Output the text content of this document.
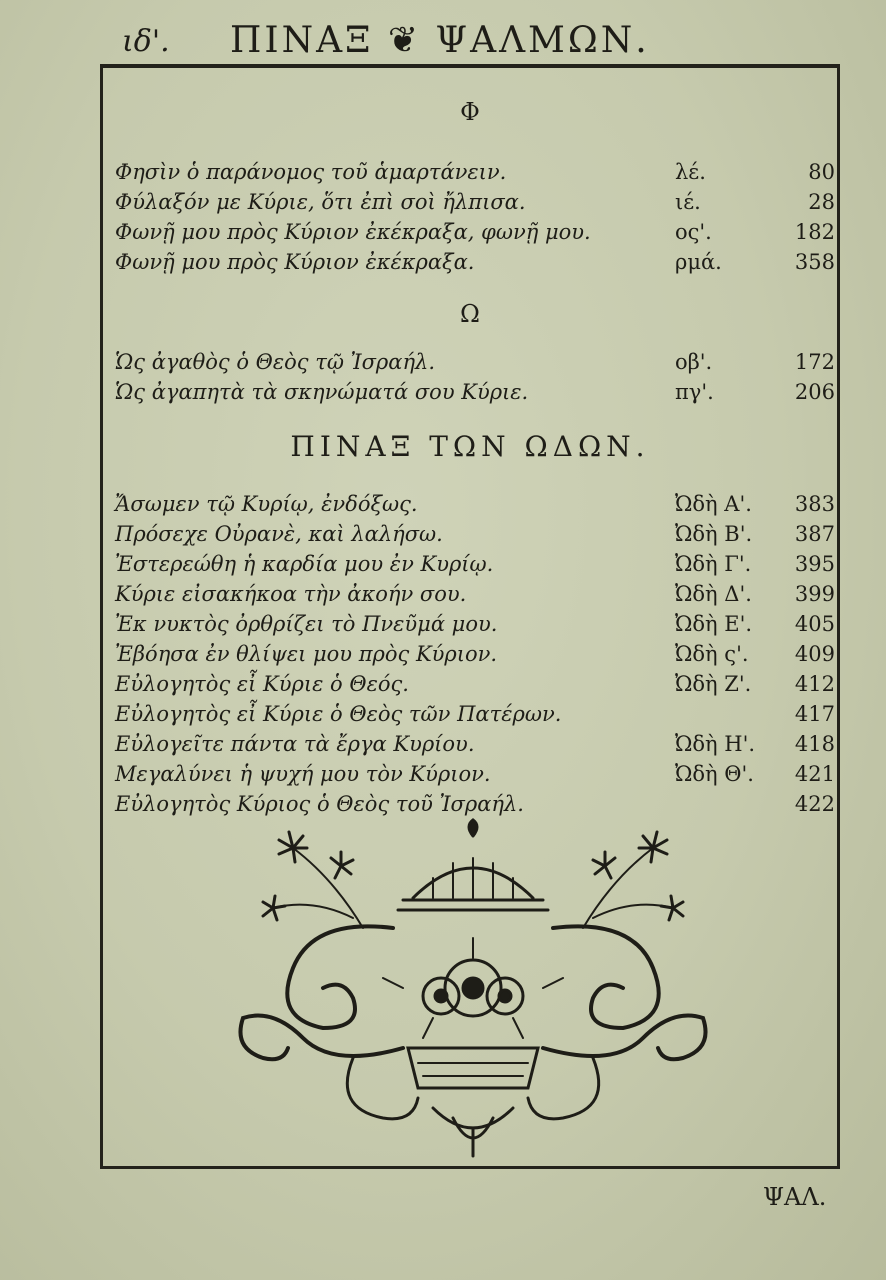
ιδ'. ΠΙΝΑΞ ❦ ΨΑΛΜΩΝ.
Φ
Φησὶν ὁ παράνομος τοῦ ἁμαρτάνειν.	λέ.	80
Φύλαξόν με Κύριε, ὅτι ἐπὶ σοὶ ἤλπισα.	ιέ.	28
Φωνῇ μου πρὸς Κύριον ἐκέκραξα, φωνῇ μου.	ος'.	182
Φωνῇ μου πρὸς Κύριον ἐκέκραξα.	ρμά.	358
Ω
Ὡς ἀγαθὸς ὁ Θεὸς τῷ Ἰσραήλ.	οβ'.	172
Ὡς ἀγαπητὰ τὰ σκηνώματά σου Κύριε.	πγ'.	206
ΠΙΝΑΞ ΤΩΝ ΩΔΩΝ.
Ἄσωμεν τῷ Κυρίῳ, ἐνδόξως.	Ὠδὴ Α'. 383
Πρόσεχε Οὐρανὲ, καὶ λαλήσω.	Ὠδὴ Β'. 387
Ἐστερεώθη ἡ καρδία μου ἐν Κυρίῳ.	Ὠδὴ Γ'. 395
Κύριε εἰσακήκοα τὴν ἀκοήν σου.	Ὠδὴ Δ'. 399
Ἐκ νυκτὸς ὀρθρίζει τὸ Πνεῦμά μου.	Ὠδὴ Ε'. 405
Ἐβόησα ἐν θλίψει μου πρὸς Κύριον.	Ὠδὴ ς'. 409
Εὐλογητὸς εἶ Κύριε ὁ Θεός.	Ὠδὴ Ζ'. 412
Εὐλογητὸς εἶ Κύριε ὁ Θεὸς τῶν Πατέρων.	417
Εὐλογεῖτε πάντα τὰ ἔργα Κυρίου.	Ὠδὴ Η'. 418
Μεγαλύνει ἡ ψυχή μου τὸν Κύριον.	Ὠδὴ Θ'. 421
Εὐλογητὸς Κύριος ὁ Θεὸς τοῦ Ἰσραήλ.	422
ΨΑΛ.
